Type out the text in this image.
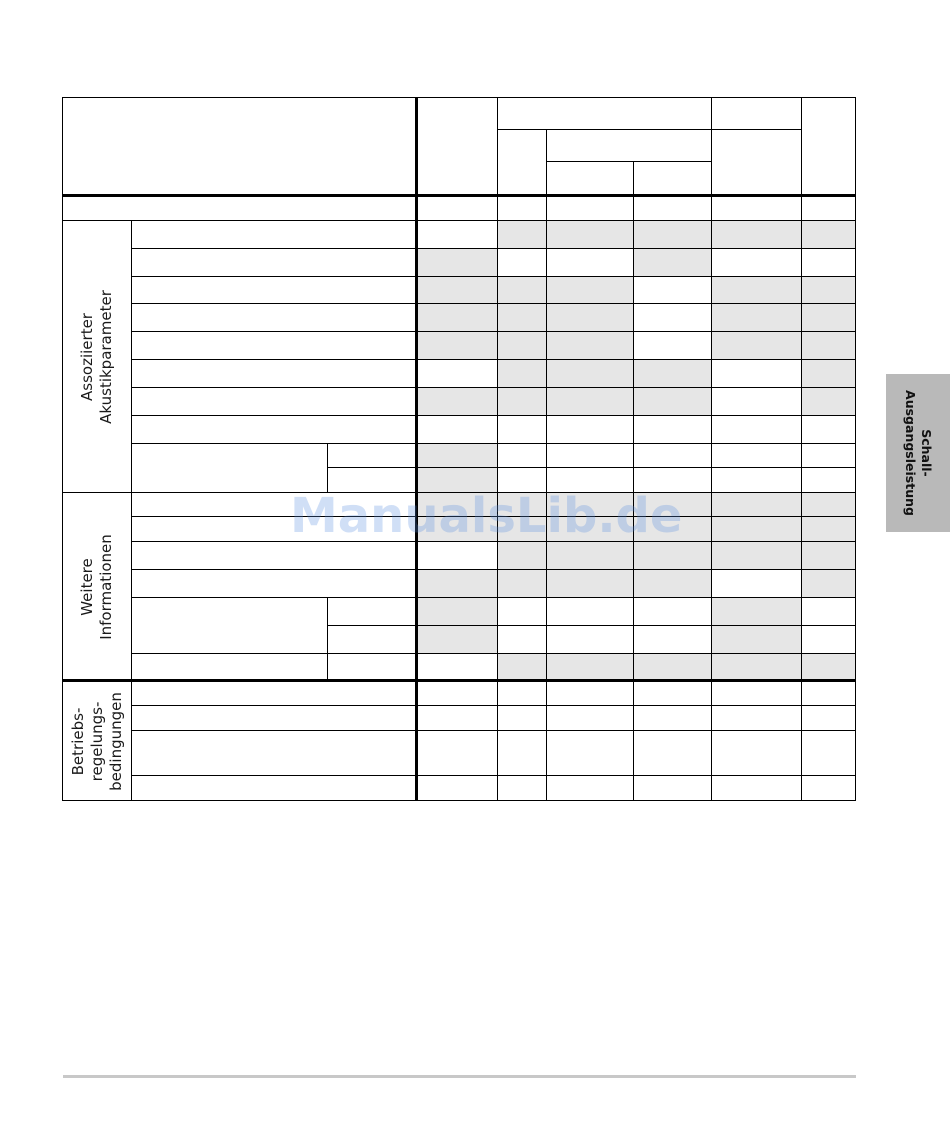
Assoziierter
Akustikparameter
Weitere
Informationen
Betriebs-
regelungs-
bedingungen
ManualsLib.de
Schall-
Ausgangsleistung
